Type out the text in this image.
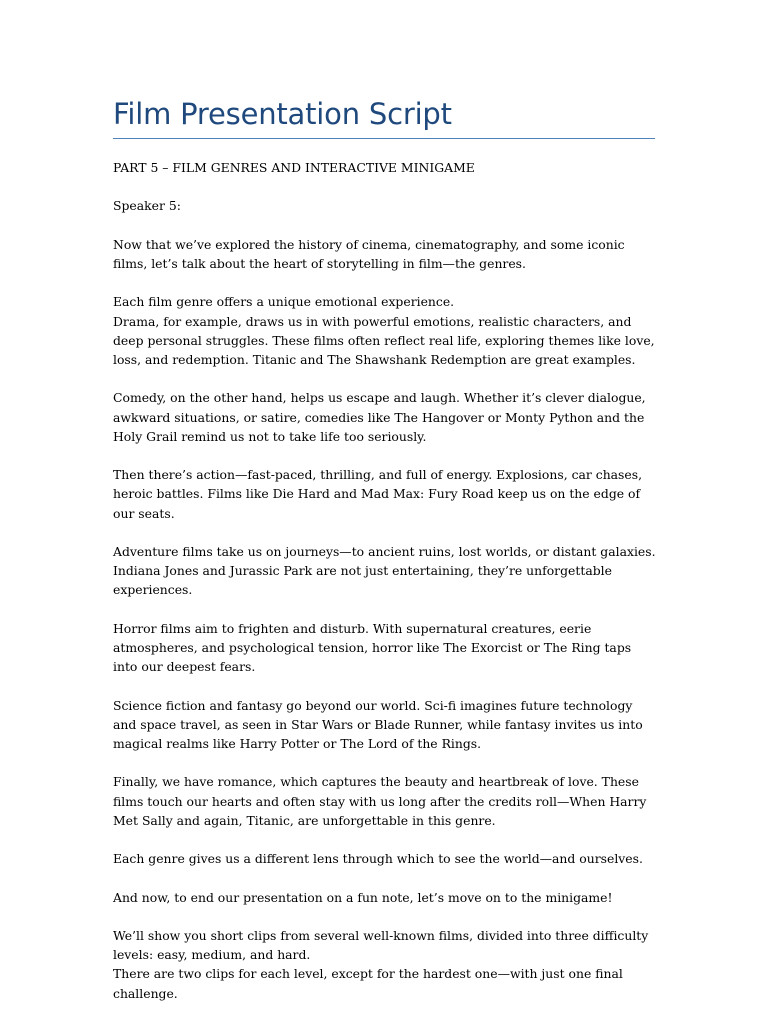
Film Presentation Script

PART 5 – FILM GENRES AND INTERACTIVE MINIGAME

Speaker 5:

Now that we’ve explored the history of cinema, cinematography, and some iconic films, let’s talk about the heart of storytelling in film—the genres.

Each film genre offers a unique emotional experience.
Drama, for example, draws us in with powerful emotions, realistic characters, and deep personal struggles. These films often reflect real life, exploring themes like love, loss, and redemption. Titanic and The Shawshank Redemption are great examples.

Comedy, on the other hand, helps us escape and laugh. Whether it’s clever dialogue, awkward situations, or satire, comedies like The Hangover or Monty Python and the Holy Grail remind us not to take life too seriously.

Then there’s action—fast-paced, thrilling, and full of energy. Explosions, car chases, heroic battles. Films like Die Hard and Mad Max: Fury Road keep us on the edge of our seats.

Adventure films take us on journeys—to ancient ruins, lost worlds, or distant galaxies. Indiana Jones and Jurassic Park are not just entertaining, they’re unforgettable experiences.

Horror films aim to frighten and disturb. With supernatural creatures, eerie atmospheres, and psychological tension, horror like The Exorcist or The Ring taps into our deepest fears.

Science fiction and fantasy go beyond our world. Sci-fi imagines future technology and space travel, as seen in Star Wars or Blade Runner, while fantasy invites us into magical realms like Harry Potter or The Lord of the Rings.

Finally, we have romance, which captures the beauty and heartbreak of love. These films touch our hearts and often stay with us long after the credits roll—When Harry Met Sally and again, Titanic, are unforgettable in this genre.

Each genre gives us a different lens through which to see the world—and ourselves.

And now, to end our presentation on a fun note, let’s move on to the minigame!

We’ll show you short clips from several well-known films, divided into three difficulty levels: easy, medium, and hard.
There are two clips for each level, except for the hardest one—with just one final challenge.
